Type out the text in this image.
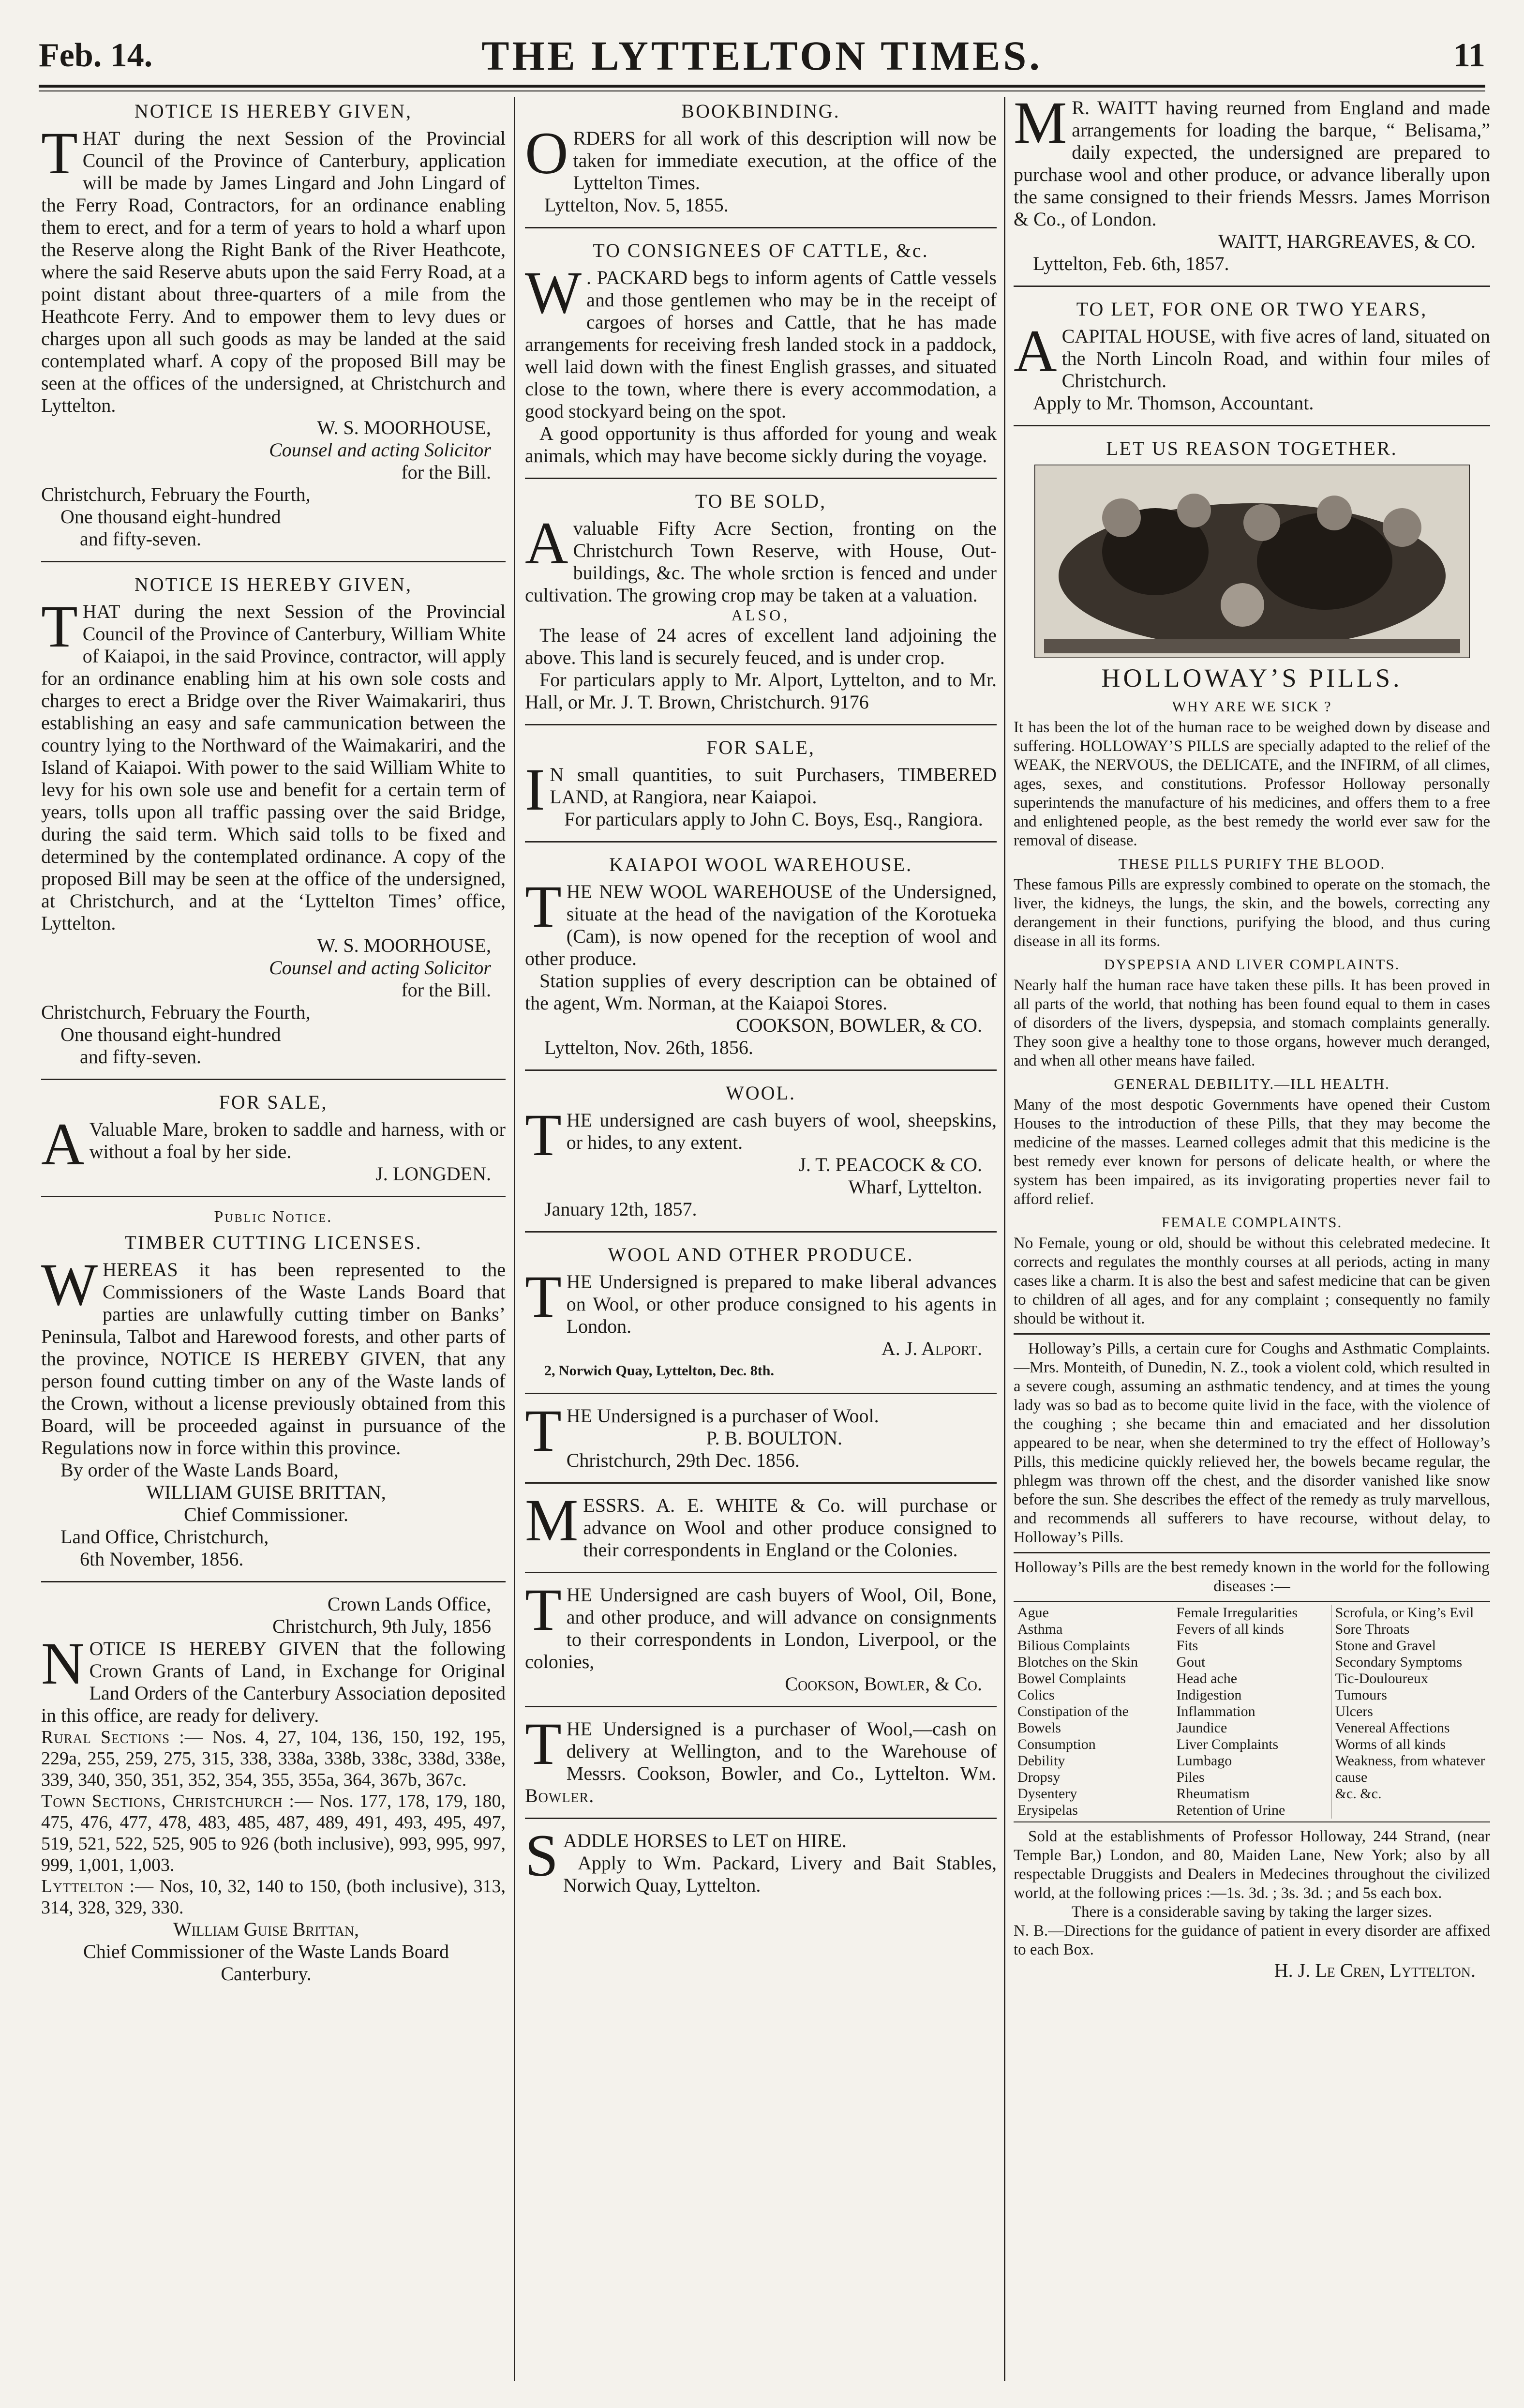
Feb. 14.	THE LYTTELTON TIMES.	11
NOTICE IS HEREBY GIVEN,
T HAT during the next Session of the Provincial Council of the Province of Canterbury, application will be made by James Lingard and John Lingard of the Ferry Road, Contractors, for an ordinance enabling them to erect, and for a term of years to hold a wharf upon the Reserve along the Right Bank of the River Heathcote, where the said Reserve abuts upon the said Ferry Road, at a point distant about three-quarters of a mile from the Heathcote Ferry. And to empower them to levy dues or charges upon all such goods as may be landed at the said contemplated wharf. A copy of the proposed Bill may be seen at the offices of the undersigned, at Christchurch and Lyttelton.
W. S. MOORHOUSE,
Counsel and acting Solicitor
for the Bill.
Christchurch, February the Fourth,
One thousand eight-hundred
and fifty-seven.
NOTICE IS HEREBY GIVEN,
T HAT during the next Session of the Provincial Council of the Province of Canterbury, William White of Kaiapoi, in the said Province, contractor, will apply for an ordinance enabling him at his own sole costs and charges to erect a Bridge over the River Waimakariri, thus establishing an easy and safe cammunication between the country lying to the Northward of the Waimakariri, and the Island of Kaiapoi. With power to the said William White to levy for his own sole use and benefit for a certain term of years, tolls upon all traffic passing over the said Bridge, during the said term. Which said tolls to be fixed and determined by the contemplated ordinance. A copy of the proposed Bill may be seen at the office of the undersigned, at Christchurch, and at the ‘Lyttelton Times’ office, Lyttelton.
W. S. MOORHOUSE,
Counsel and acting Solicitor
for the Bill.
Christchurch, February the Fourth,
One thousand eight-hundred
and fifty-seven.
FOR SALE,
A Valuable Mare, broken to saddle and harness, with or without a foal by her side.
J. LONGDEN.
Public Notice.
TIMBER CUTTING LICENSES.
W HEREAS it has been represented to the Commissioners of the Waste Lands Board that parties are unlawfully cutting timber on Banks’ Peninsula, Talbot and Harewood forests, and other parts of the province, NOTICE IS HEREBY GIVEN, that any person found cutting timber on any of the Waste lands of the Crown, without a license previously obtained from this Board, will be proceeded against in pursuance of the Regulations now in force within this province.
By order of the Waste Lands Board,
WILLIAM GUISE BRITTAN,
Chief Commissioner.
Land Office, Christchurch,
6th November, 1856.
Crown Lands Office,
Christchurch, 9th July, 1856
N OTICE IS HEREBY GIVEN that the following Crown Grants of Land, in Exchange for Original Land Orders of the Canterbury Association deposited in this office, are ready for delivery.
Rural Sections :— Nos. 4, 27, 104, 136, 150, 192, 195, 229a, 255, 259, 275, 315, 338, 338a, 338b, 338c, 338d, 338e, 339, 340, 350, 351, 352, 354, 355, 355a, 364, 367b, 367c.
Town Sections, Christchurch :— Nos. 177, 178, 179, 180, 475, 476, 477, 478, 483, 485, 487, 489, 491, 493, 495, 497, 519, 521, 522, 525, 905 to 926 (both inclusive), 993, 995, 997, 999, 1,001, 1,003.
Lyttelton :— Nos, 10, 32, 140 to 150, (both inclusive), 313, 314, 328, 329, 330.
William Guise Brittan,
Chief Commissioner of the Waste Lands Board
Canterbury.
BOOKBINDING.
ORDERS for all work of this description will now be taken for immediate execution, at the office of the Lyttelton Times.
Lyttelton, Nov. 5, 1855.
TO CONSIGNEES OF CATTLE, &c.
W . PACKARD begs to inform agents of Cattle vessels and those gentlemen who may be in the receipt of cargoes of horses and Cattle, that he has made arrangements for receiving fresh landed stock in a paddock, well laid down with the finest English grasses, and situated close to the town, where there is every accommodation, a good stockyard being on the spot.
A good opportunity is thus afforded for young and weak animals, which may have become sickly during the voyage.
TO BE SOLD,
Avaluable Fifty Acre Section, fronting on the Christchurch Town Reserve, with House, Out-buildings, &c. The whole srction is fenced and under cultivation. The growing crop may be taken at a valuation.
ALSO,
The lease of 24 acres of excellent land adjoining the above. This land is securely feuced, and is under crop.
For particulars apply to Mr. Alport, Lyttelton, and to Mr. Hall, or Mr. J. T. Brown, Christchurch. 9176
FOR SALE,
I N small quantities, to suit Purchasers, TIMBERED LAND, at Rangiora, near Kaiapoi.
For particulars apply to John C. Boys, Esq., Rangiora.
KAIAPOI WOOL WAREHOUSE.
THE NEW WOOL WAREHOUSE of the Undersigned, situate at the head of the navigation of the Korotueka (Cam), is now opened for the reception of wool and other produce.
Station supplies of every description can be obtained of the agent, Wm. Norman, at the Kaiapoi Stores.
COOKSON, BOWLER, & CO.
Lyttelton, Nov. 26th, 1856.
WOOL.
THE undersigned are cash buyers of wool, sheepskins, or hides, to any extent.
J. T. PEACOCK & CO.
Wharf, Lyttelton.
January 12th, 1857.
WOOL AND OTHER PRODUCE.
THE Undersigned is prepared to make liberal advances on Wool, or other produce consigned to his agents in London.
A. J. Alport.
2, Norwich Quay, Lyttelton, Dec. 8th.
THE Undersigned is a purchaser of Wool.
P. B. BOULTON.
Christchurch, 29th Dec. 1856.
MESSRS. A. E. WHITE & Co. will purchase or advance on Wool and other produce consigned to their correspondents in England or the Colonies.
THE Undersigned are cash buyers of Wool, Oil, Bone, and other produce, and will advance on consignments to their correspondents in London, Liverpool, or the colonies,
Cookson, Bowler, & Co.
THE Undersigned is a purchaser of Wool,—cash on delivery at Wellington, and to the Warehouse of Messrs. Cookson, Bowler, and Co., Lyttelton. Wm. Bowler.
SADDLE HORSES to LET on HIRE.
Apply to Wm. Packard, Livery and Bait Stables, Norwich Quay, Lyttelton.
M R. WAITT having reurned from England and made arrangements for loading the barque, “ Belisama,” daily expected, the undersigned are prepared to purchase wool and other produce, or advance liberally upon the same consigned to their friends Messrs. James Morrison & Co., of London.
WAITT, HARGREAVES, & CO.
Lyttelton, Feb. 6th, 1857.
TO LET, FOR ONE OR TWO YEARS,
ACAPITAL HOUSE, with five acres of land, situated on the North Lincoln Road, and within four miles of Christchurch.
Apply to Mr. Thomson, Accountant.
LET US REASON TOGETHER.
HOLLOWAY’S PILLS.
WHY ARE WE SICK ?
It has been the lot of the human race to be weighed down by disease and suffering. HOLLOWAY’S PILLS are specially adapted to the relief of the WEAK, the NERVOUS, the DELICATE, and the INFIRM, of all climes, ages, sexes, and constitutions. Professor Holloway personally superintends the manufacture of his medicines, and offers them to a free and enlightened people, as the best remedy the world ever saw for the removal of disease.
THESE PILLS PURIFY THE BLOOD.
These famous Pills are expressly combined to operate on the stomach, the liver, the kidneys, the lungs, the skin, and the bowels, correcting any derangement in their functions, purifying the blood, and thus curing disease in all its forms.
DYSPEPSIA AND LIVER COMPLAINTS.
Nearly half the human race have taken these pills. It has been proved in all parts of the world, that nothing has been found equal to them in cases of disorders of the livers, dyspepsia, and stomach complaints generally. They soon give a healthy tone to those organs, however much deranged, and when all other means have failed.
GENERAL DEBILITY.—ILL HEALTH.
Many of the most despotic Governments have opened their Custom Houses to the introduction of these Pills, that they may become the medicine of the masses. Learned colleges admit that this medicine is the best remedy ever known for persons of delicate health, or where the system has been impaired, as its invigorating properties never fail to afford relief.
FEMALE COMPLAINTS.
No Female, young or old, should be without this celebrated medecine. It corrects and regulates the monthly courses at all periods, acting in many cases like a charm. It is also the best and safest medicine that can be given to children of all ages, and for any complaint ; consequently no family should be without it.
Holloway’s Pills, a certain cure for Coughs and Asthmatic Complaints.—Mrs. Monteith, of Dunedin, N. Z., took a violent cold, which resulted in a severe cough, assuming an asthmatic tendency, and at times the young lady was so bad as to become quite livid in the face, with the violence of the coughing ; she became thin and emaciated and her dissolution appeared to be near, when she determined to try the effect of Holloway’s Pills, this medicine quickly relieved her, the bowels became regular, the phlegm was thrown off the chest, and the disorder vanished like snow before the sun. She describes the effect of the remedy as truly marvellous, and recommends all sufferers to have recourse, without delay, to Holloway’s Pills.
Holloway’s Pills are the best remedy known in the world for the following diseases :—
Ague
Asthma
Bilious Complaints
Blotches on the Skin
Bowel Complaints
Colics
Constipation of the Bowels
Consumption
Debility
Dropsy
Dysentery
Erysipelas
Female Irregularities
Fevers of all kinds
Fits
Gout
Head ache
Indigestion
Inflammation
Jaundice
Liver Complaints
Lumbago
Piles
Rheumatism
Retention of Urine
Scrofula, or King’s Evil
Sore Throats
Stone and Gravel
Secondary Symptoms
Tic-Douloureux
Tumours
Ulcers
Venereal Affections
Worms of all kinds
Weakness, from whatever cause
&c. &c.
Sold at the establishments of Professor Holloway, 244 Strand, (near Temple Bar,) London, and 80, Maiden Lane, New York; also by all respectable Druggists and Dealers in Medecines throughout the civilized world, at the following prices :—1s. 3d. ; 3s. 3d. ; and 5s each box.
There is a considerable saving by taking the larger sizes.
N. B.—Directions for the guidance of patient in every disorder are affixed to each Box.
H. J. Le Cren, Lyttelton.
